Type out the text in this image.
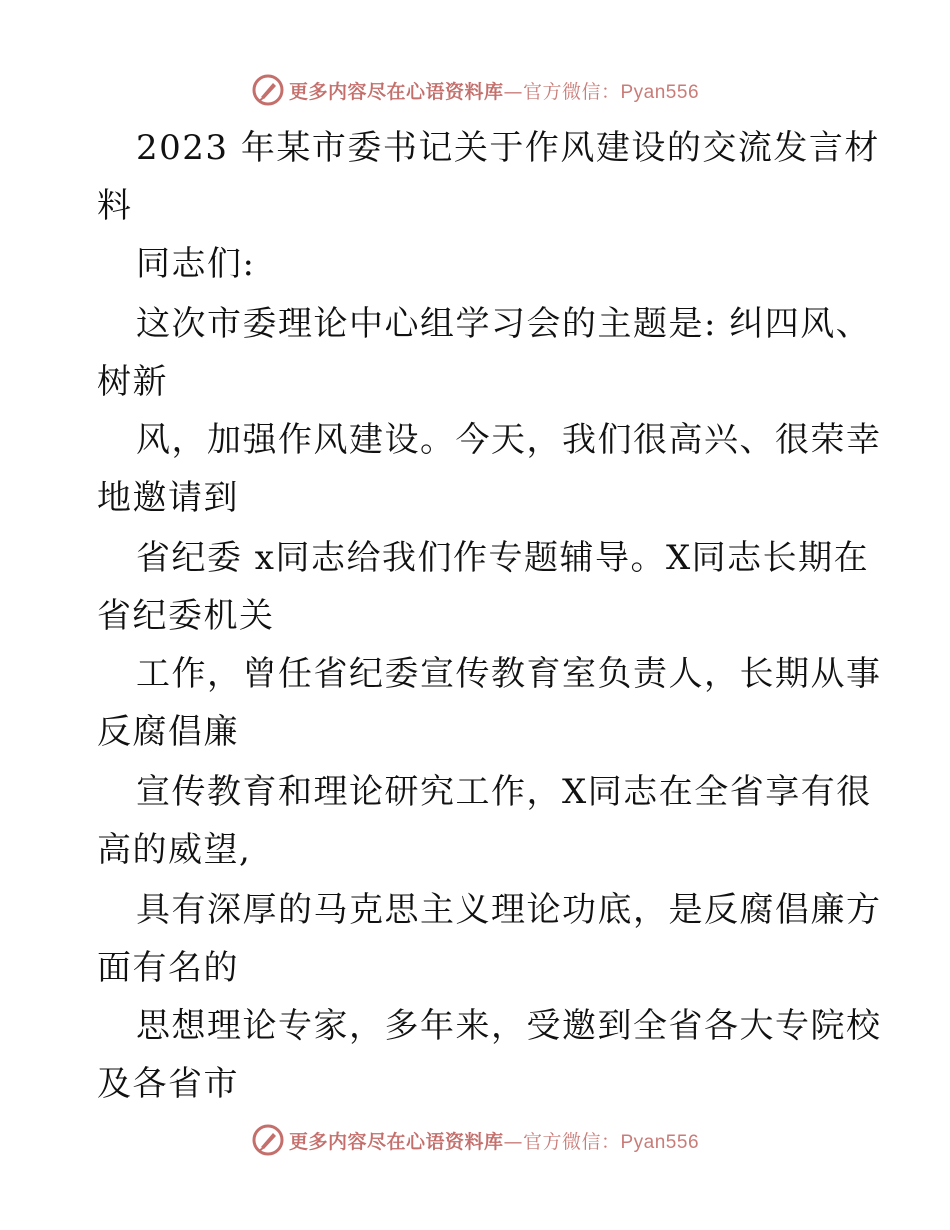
更多内容尽在心语资料库—官方微信：Pyan556
2023 年某市委书记关于作风建设的交流发言材
料
同志们:
这次市委理论中心组学习会的主题是: 纠四风、
树新
风，加强作风建设。今天，我们很高兴、很荣幸
地邀请到
省纪委 x同志给我们作专题辅导。X同志长期在
省纪委机关
工作，曾任省纪委宣传教育室负责人，长期从事
反腐倡廉
宣传教育和理论研究工作，X同志在全省享有很
高的威望,
具有深厚的马克思主义理论功底，是反腐倡廉方
面有名的
思想理论专家，多年来，受邀到全省各大专院校
及各省市
更多内容尽在心语资料库—官方微信：Pyan556
